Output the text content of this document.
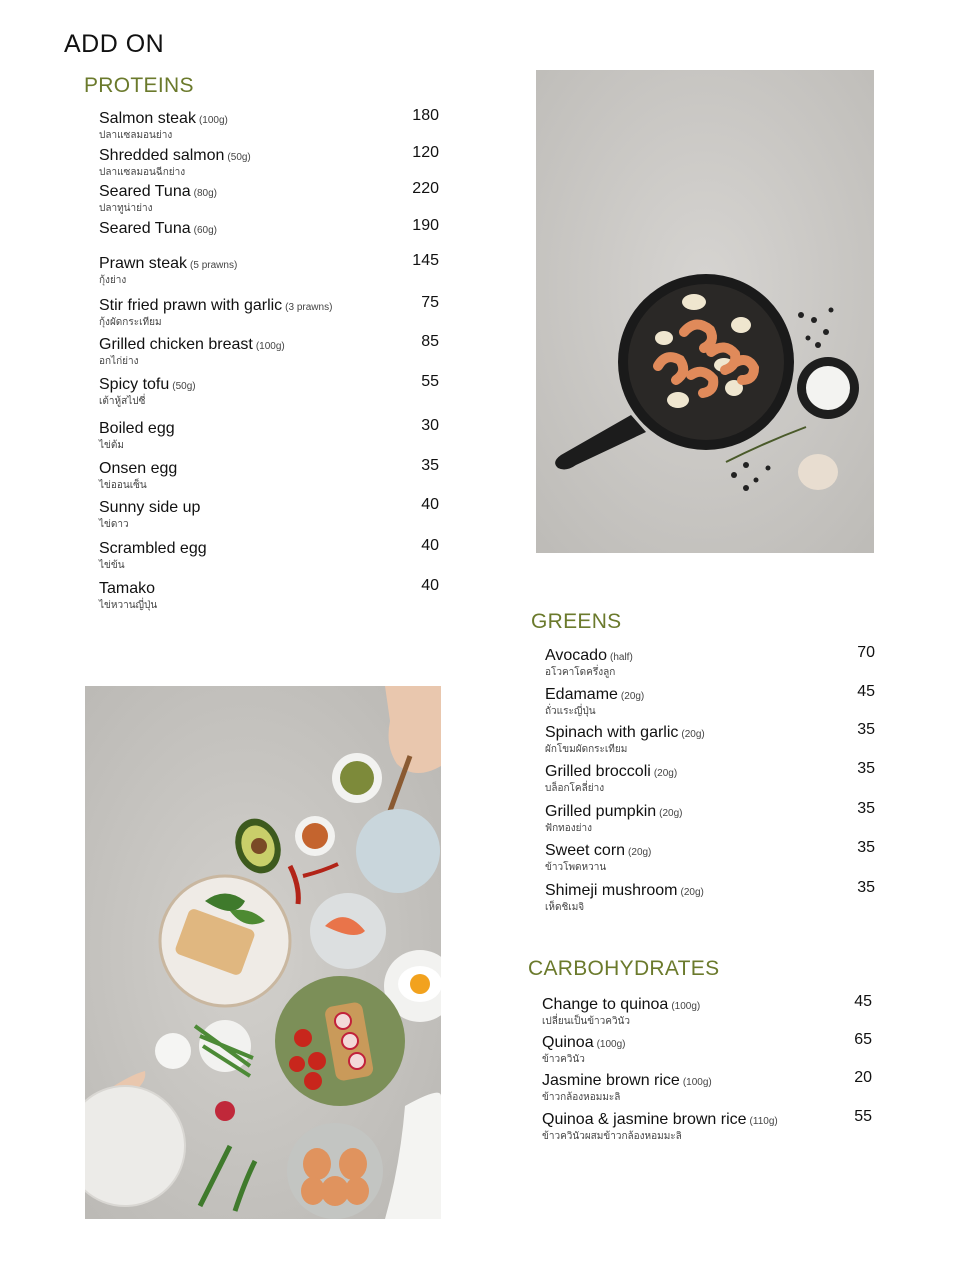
ADD ON
PROTEINS
Salmon steak (100g)
ปลาแซลมอนย่าง
180
Shredded salmon (50g)
ปลาแซลมอนฉีกย่าง
120
Seared Tuna (80g)
ปลาทูน่าย่าง
220
Seared Tuna (60g)	190
Prawn steak (5 prawns)
กุ้งย่าง
145
Stir fried prawn with garlic (3 prawns)
กุ้งผัดกระเทียม
75
Grilled chicken breast (100g)
อกไก่ย่าง
85
Spicy tofu (50g)
เต้าหู้สไปซี่
55
Boiled egg
ไข่ต้ม
30
Onsen egg
ไข่ออนเซ็น
35
Sunny side up
ไข่ดาว
40
Scrambled egg
ไข่ข้น
40
Tamako
ไข่หวานญี่ปุ่น
40
GREENS
Avocado (half)
อโวคาโดครึ่งลูก
70
Edamame (20g)
ถั่วแระญี่ปุ่น
45
Spinach with garlic (20g)
ผักโขมผัดกระเทียม
35
Grilled broccoli (20g)
บล็อกโคลี่ย่าง
35
Grilled pumpkin (20g)
ฟักทองย่าง
35
Sweet corn (20g)
ข้าวโพดหวาน
35
Shimeji mushroom (20g)
เห็ดชิเมจิ
35
CARBOHYDRATES
Change to quinoa (100g)
เปลี่ยนเป็นข้าวควินัว
45
Quinoa (100g)
ข้าวควินัว
65
Jasmine brown rice (100g)
ข้าวกล้องหอมมะลิ
20
Quinoa & jasmine brown rice (110g)
ข้าวควินัวผสมข้าวกล้องหอมมะลิ
55
